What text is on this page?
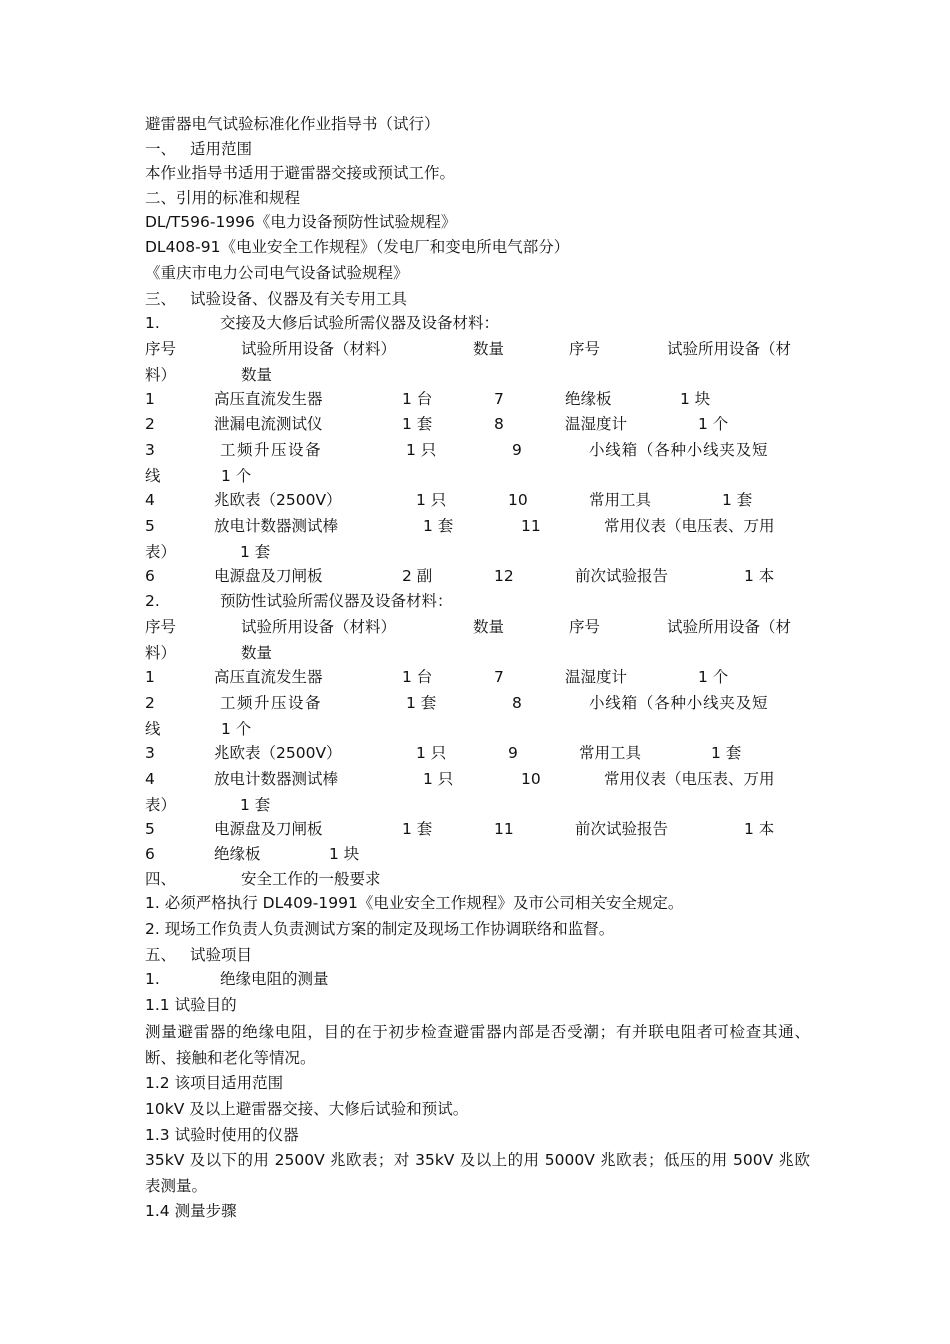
避雷器电气试验标准化作业指导书（试行）
一、 适用范围
本作业指导书适用于避雷器交接或预试工作。
二、引用的标准和规程
DL/T596-1996《电力设备预防性试验规程》
DL408-91《电业安全工作规程》（发电厂和变电所电气部分）
《重庆市电力公司电气设备试验规程》
三、 试验设备、仪器及有关专用工具
1.	交接及大修后试验所需仪器及设备材料：
序号	试验所用设备（材料）	数量	序号	试验所用设备（材
料）	数量
1	高压直流发生器	1 台	7	绝缘板	1 块
2	泄漏电流测试仪	1 套	8	温湿度计	1 个
3	工频升压设备	1 只	9	小线箱（各种小线夹及短
线	1 个
4	兆欧表（2500V）	1 只	10	常用工具	1 套
5	放电计数器测试棒	1 套	11	常用仪表（电压表、万用
表）	1 套
6	电源盘及刀闸板	2 副	12	前次试验报告	1 本
2.	预防性试验所需仪器及设备材料：
序号	试验所用设备（材料）	数量	序号	试验所用设备（材
料）	数量
1	高压直流发生器	1 台	7	温湿度计	1 个
2	工频升压设备	1 套	8	小线箱（各种小线夹及短
线	1 个
3	兆欧表（2500V）	1 只	9	常用工具	1 套
4	放电计数器测试棒	1 只	10	常用仪表（电压表、万用
表）	1 套
5	电源盘及刀闸板	1 套	11	前次试验报告	1 本
6	绝缘板	1 块
四、	安全工作的一般要求
1. 必须严格执行 DL409-1991《电业安全工作规程》及市公司相关安全规定。
2. 现场工作负责人负责测试方案的制定及现场工作协调联络和监督。
五、 试验项目
1.	绝缘电阻的测量
1.1 试验目的
测量避雷器的绝缘电阻，目的在于初步检查避雷器内部是否受潮；有并联电阻者可检查其通、断、接触和老化等情况。
1.2 该项目适用范围
10kV 及以上避雷器交接、大修后试验和预试。
1.3 试验时使用的仪器
35kV 及以下的用 2500V 兆欧表；对 35kV 及以上的用 5000V 兆欧表；低压的用 500V 兆欧表测量。
1.4 测量步骤
